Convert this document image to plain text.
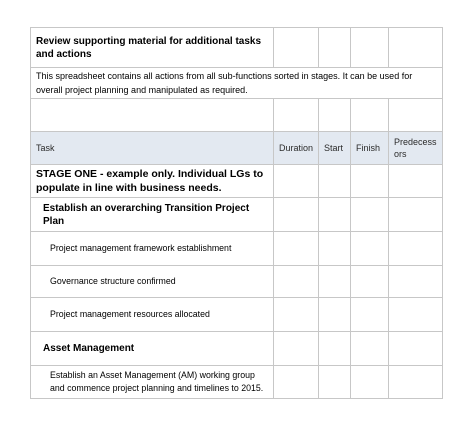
Review supporting material for additional tasks and actions				
This spreadsheet contains all actions from all sub-functions sorted in stages. It can be used for overall project planning and manipulated as required.				

Task	Duration	Start	Finish	Predecessors
STAGE ONE - example only. Individual LGs to populate in line with business needs.				
Establish an overarching Transition Project Plan				
Project management framework establishment				
Governance structure confirmed				
Project management resources allocated				
Asset Management				
Establish an Asset Management (AM) working group and commence project planning and timelines to 2015.				
